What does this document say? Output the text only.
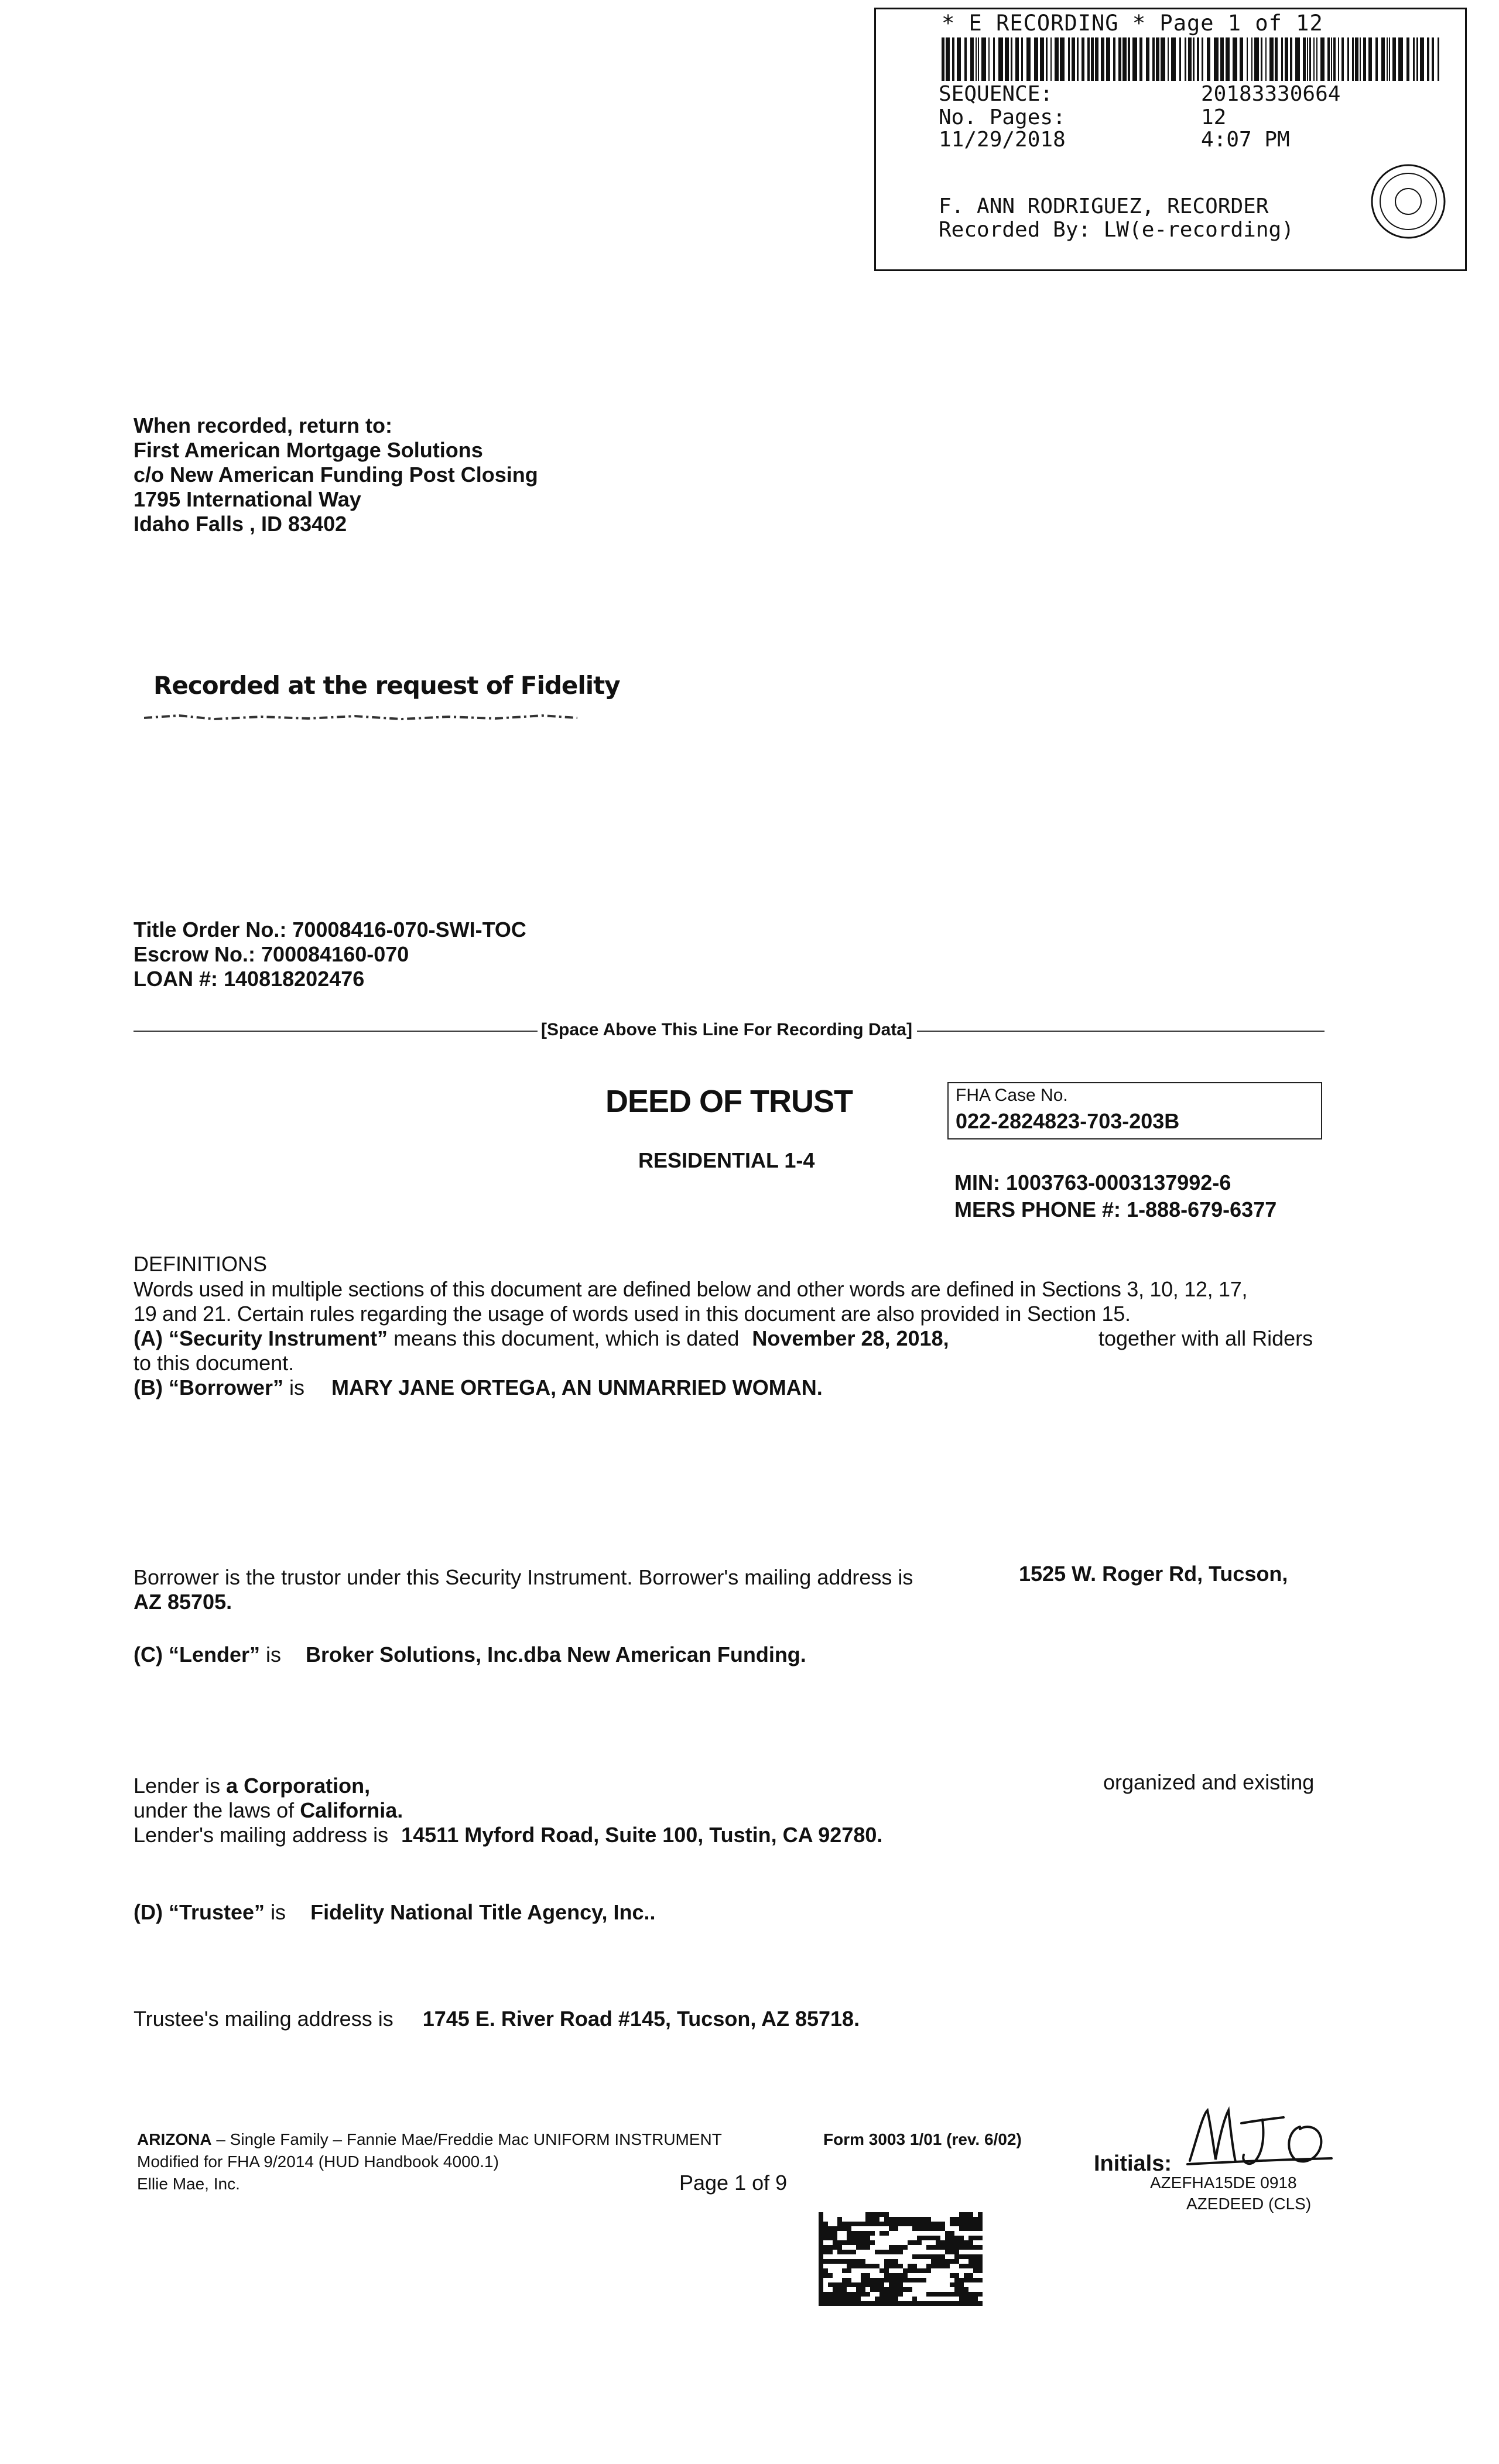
* E RECORDING * Page 1 of 12
SEQUENCE:	20183330664
No. Pages:	12
11/29/2018	4:07 PM
F. ANN RODRIGUEZ, RECORDER
Recorded By: LW(e-recording)
When recorded, return to:
First American Mortgage Solutions
c/o New American Funding Post Closing
1795 International Way
Idaho Falls , ID 83402
Recorded at the request of Fidelity
Title Order No.: 70008416-070-SWI-TOC
Escrow No.: 700084160-070
LOAN #: 140818202476
[Space Above This Line For Recording Data]
DEED OF TRUST
RESIDENTIAL 1-4
FHA Case No.
022-2824823-703-203B
MIN: 1003763-0003137992-6
MERS PHONE #: 1-888-679-6377
DEFINITIONS
Words used in multiple sections of this document are defined below and other words are defined in Sections 3, 10, 12, 17,
19 and 21. Certain rules regarding the usage of words used in this document are also provided in Section 15.
(A) “Security Instrument” means this document, which is dated November 28, 2018,	together with all Riders
to this document.
(B) “Borrower” is MARY JANE ORTEGA, AN UNMARRIED WOMAN.
Borrower is the trustor under this Security Instrument. Borrower's mailing address is	1525 W. Roger Rd, Tucson,
AZ 85705.
(C) “Lender” is Broker Solutions, Inc.dba New American Funding.
Lender is a Corporation,	organized and existing
under the laws of California.
Lender's mailing address is 14511 Myford Road, Suite 100, Tustin, CA 92780.
(D) “Trustee” is Fidelity National Title Agency, Inc..
Trustee's mailing address is 1745 E. River Road #145, Tucson, AZ 85718.
ARIZONA – Single Family – Fannie Mae/Freddie Mac UNIFORM INSTRUMENT	Form 3003 1/01 (rev. 6/02)
Modified for FHA 9/2014 (HUD Handbook 4000.1)
Ellie Mae, Inc.	Page 1 of 9
Initials:
AZEFHA15DE 0918
AZEDEED (CLS)
